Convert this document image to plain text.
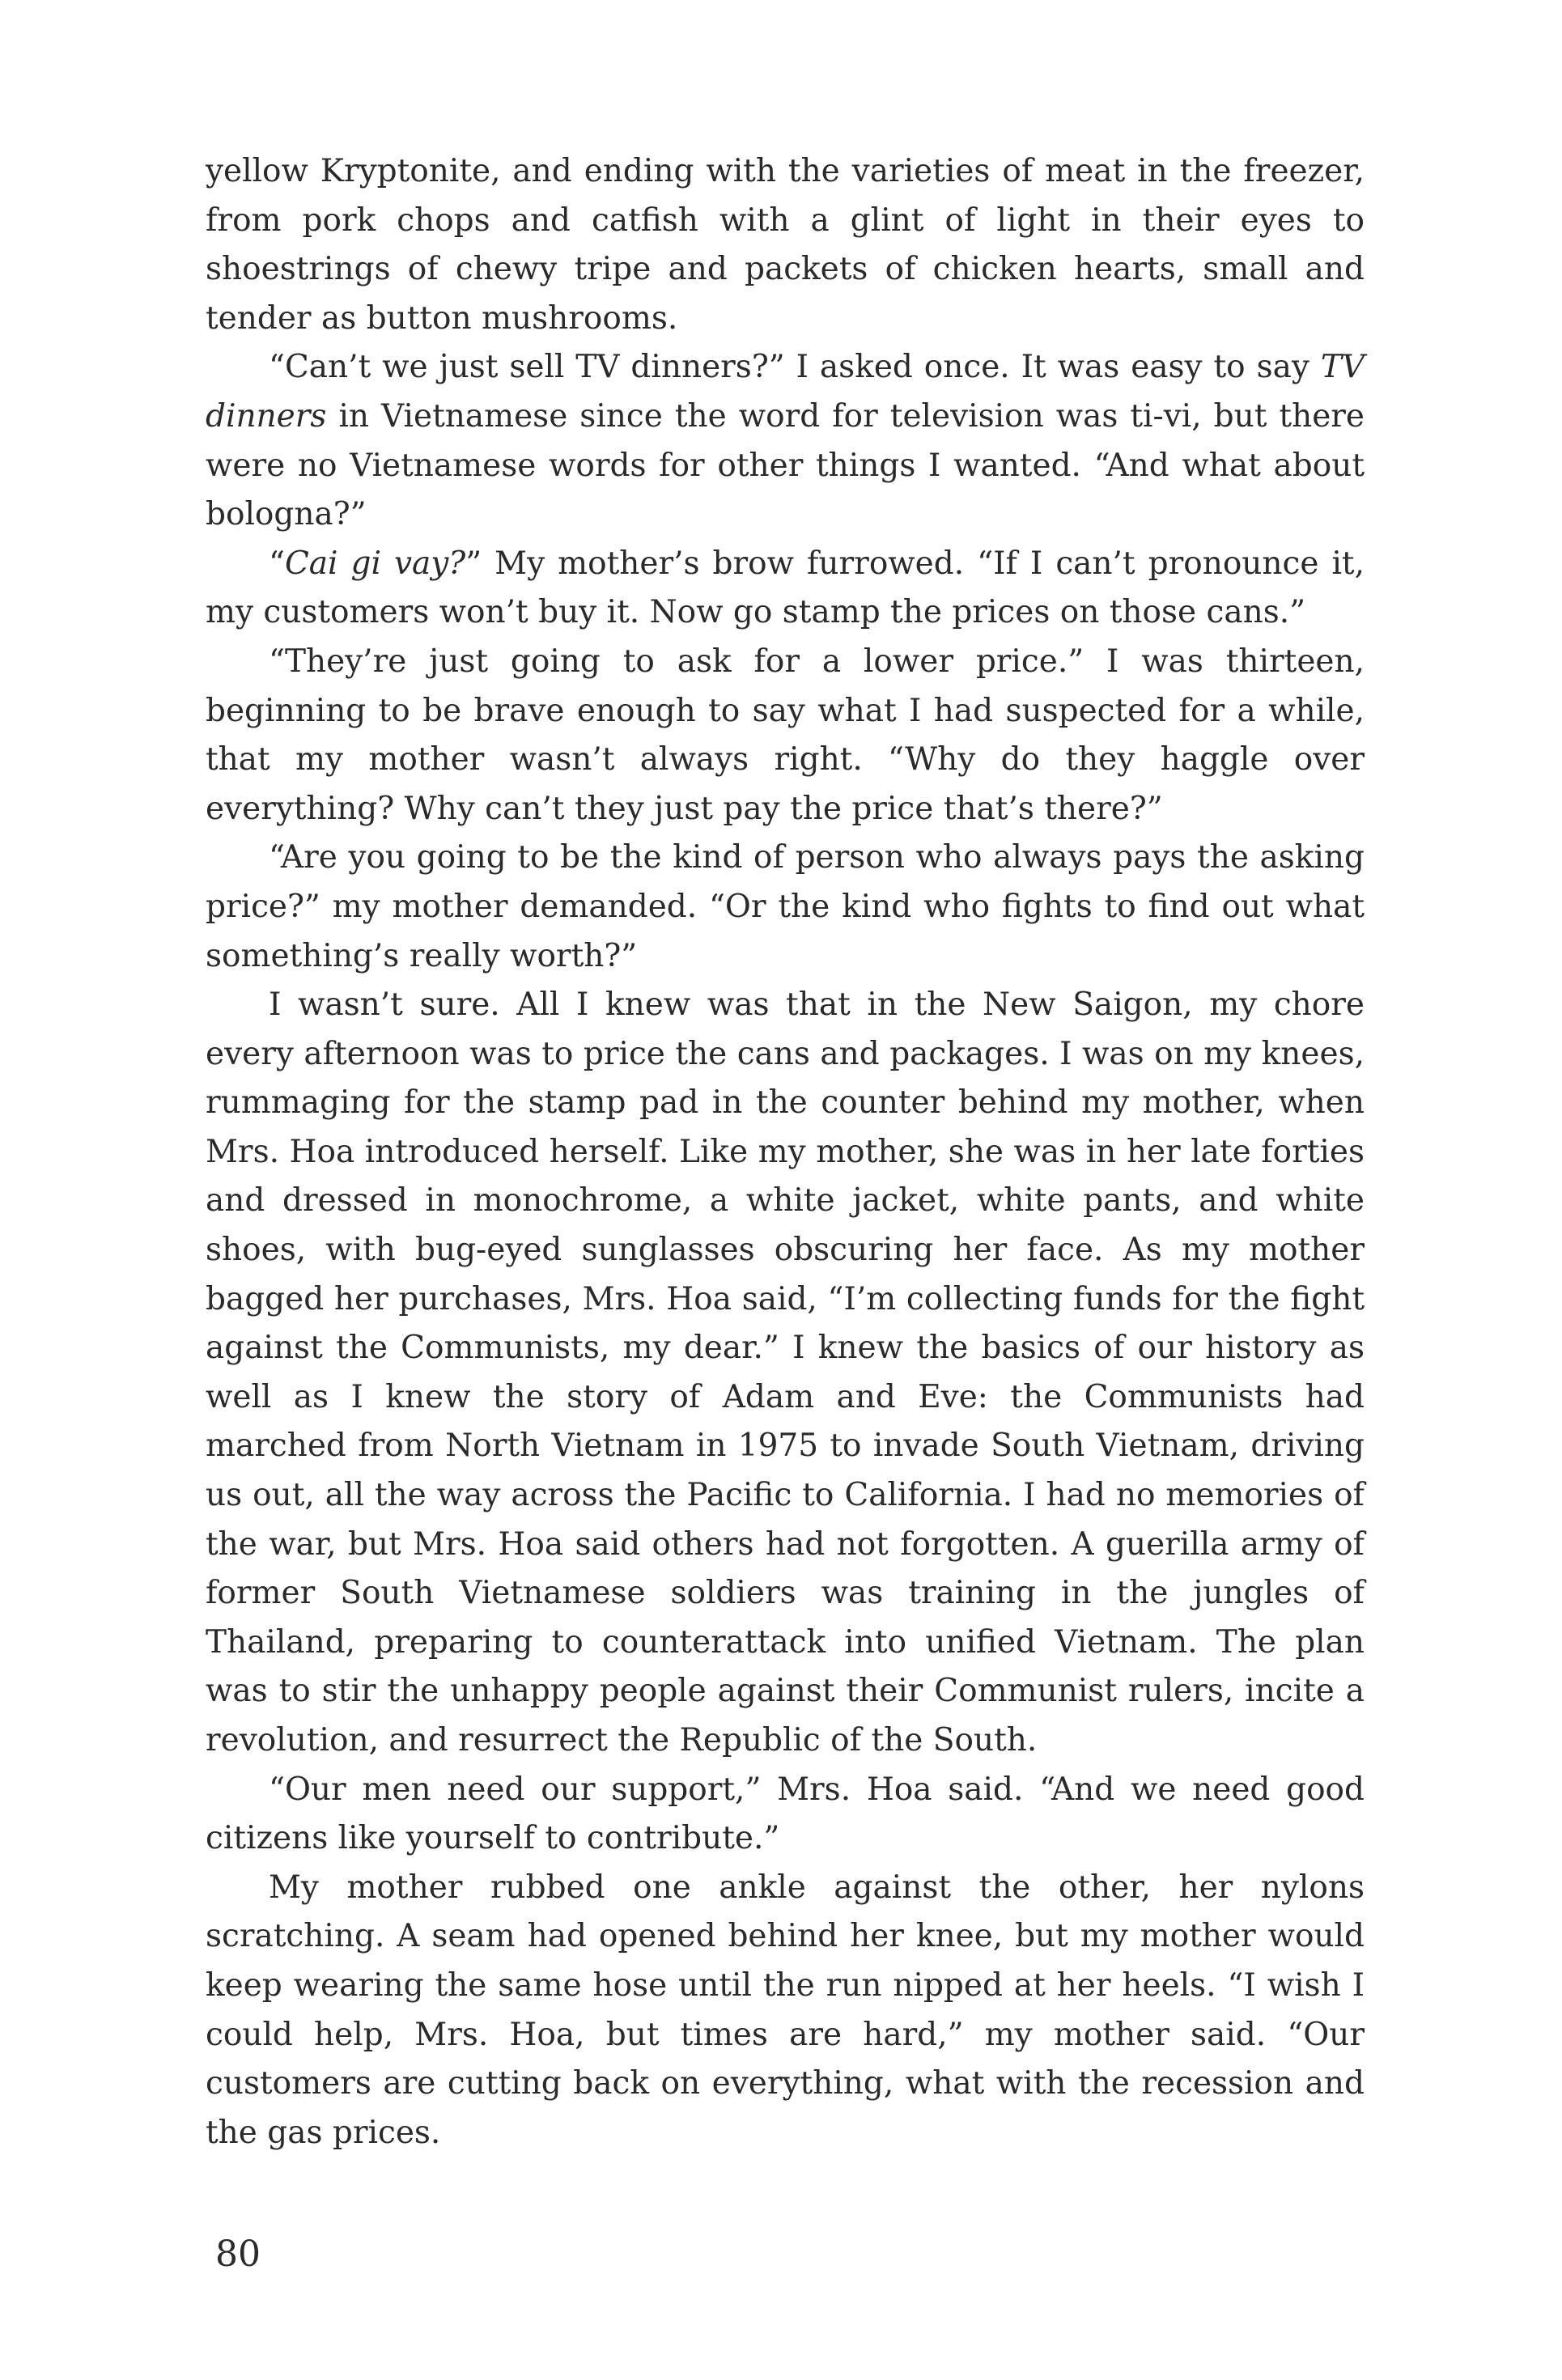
yellow Kryptonite, and ending with the varieties of meat in the freezer, from pork chops and catfish with a glint of light in their eyes to shoestrings of chewy tripe and packets of chicken hearts, small and tender as button mushrooms.

“Can’t we just sell TV dinners?” I asked once. It was easy to say TV dinners in Vietnamese since the word for television was ti-vi, but there were no Vietnamese words for other things I wanted. “And what about bologna?”

“Cai gi vay?” My mother’s brow furrowed. “If I can’t pronounce it, my customers won’t buy it. Now go stamp the prices on those cans.”

“They’re just going to ask for a lower price.” I was thirteen, beginning to be brave enough to say what I had suspected for a while, that my mother wasn’t always right. “Why do they haggle over everything? Why can’t they just pay the price that’s there?”

“Are you going to be the kind of person who always pays the asking price?” my mother demanded. “Or the kind who fights to find out what something’s really worth?”

I wasn’t sure. All I knew was that in the New Saigon, my chore every afternoon was to price the cans and packages. I was on my knees, rummaging for the stamp pad in the counter behind my mother, when Mrs. Hoa introduced herself. Like my mother, she was in her late forties and dressed in monochrome, a white jacket, white pants, and white shoes, with bug-eyed sunglasses obscuring her face. As my mother bagged her purchases, Mrs. Hoa said, “I’m collecting funds for the fight against the Communists, my dear.” I knew the basics of our history as well as I knew the story of Adam and Eve: the Communists had marched from North Vietnam in 1975 to invade South Vietnam, driving us out, all the way across the Pacific to California. I had no memories of the war, but Mrs. Hoa said others had not forgotten. A guerilla army of former South Vietnamese soldiers was training in the jungles of Thailand, preparing to counterattack into unified Vietnam. The plan was to stir the unhappy people against their Communist rulers, incite a revolution, and resurrect the Republic of the South.

“Our men need our support,” Mrs. Hoa said. “And we need good citizens like yourself to contribute.”

My mother rubbed one ankle against the other, her nylons scratching. A seam had opened behind her knee, but my mother would keep wearing the same hose until the run nipped at her heels. “I wish I could help, Mrs. Hoa, but times are hard,” my mother said. “Our customers are cutting back on everything, what with the recession and the gas prices.

80
